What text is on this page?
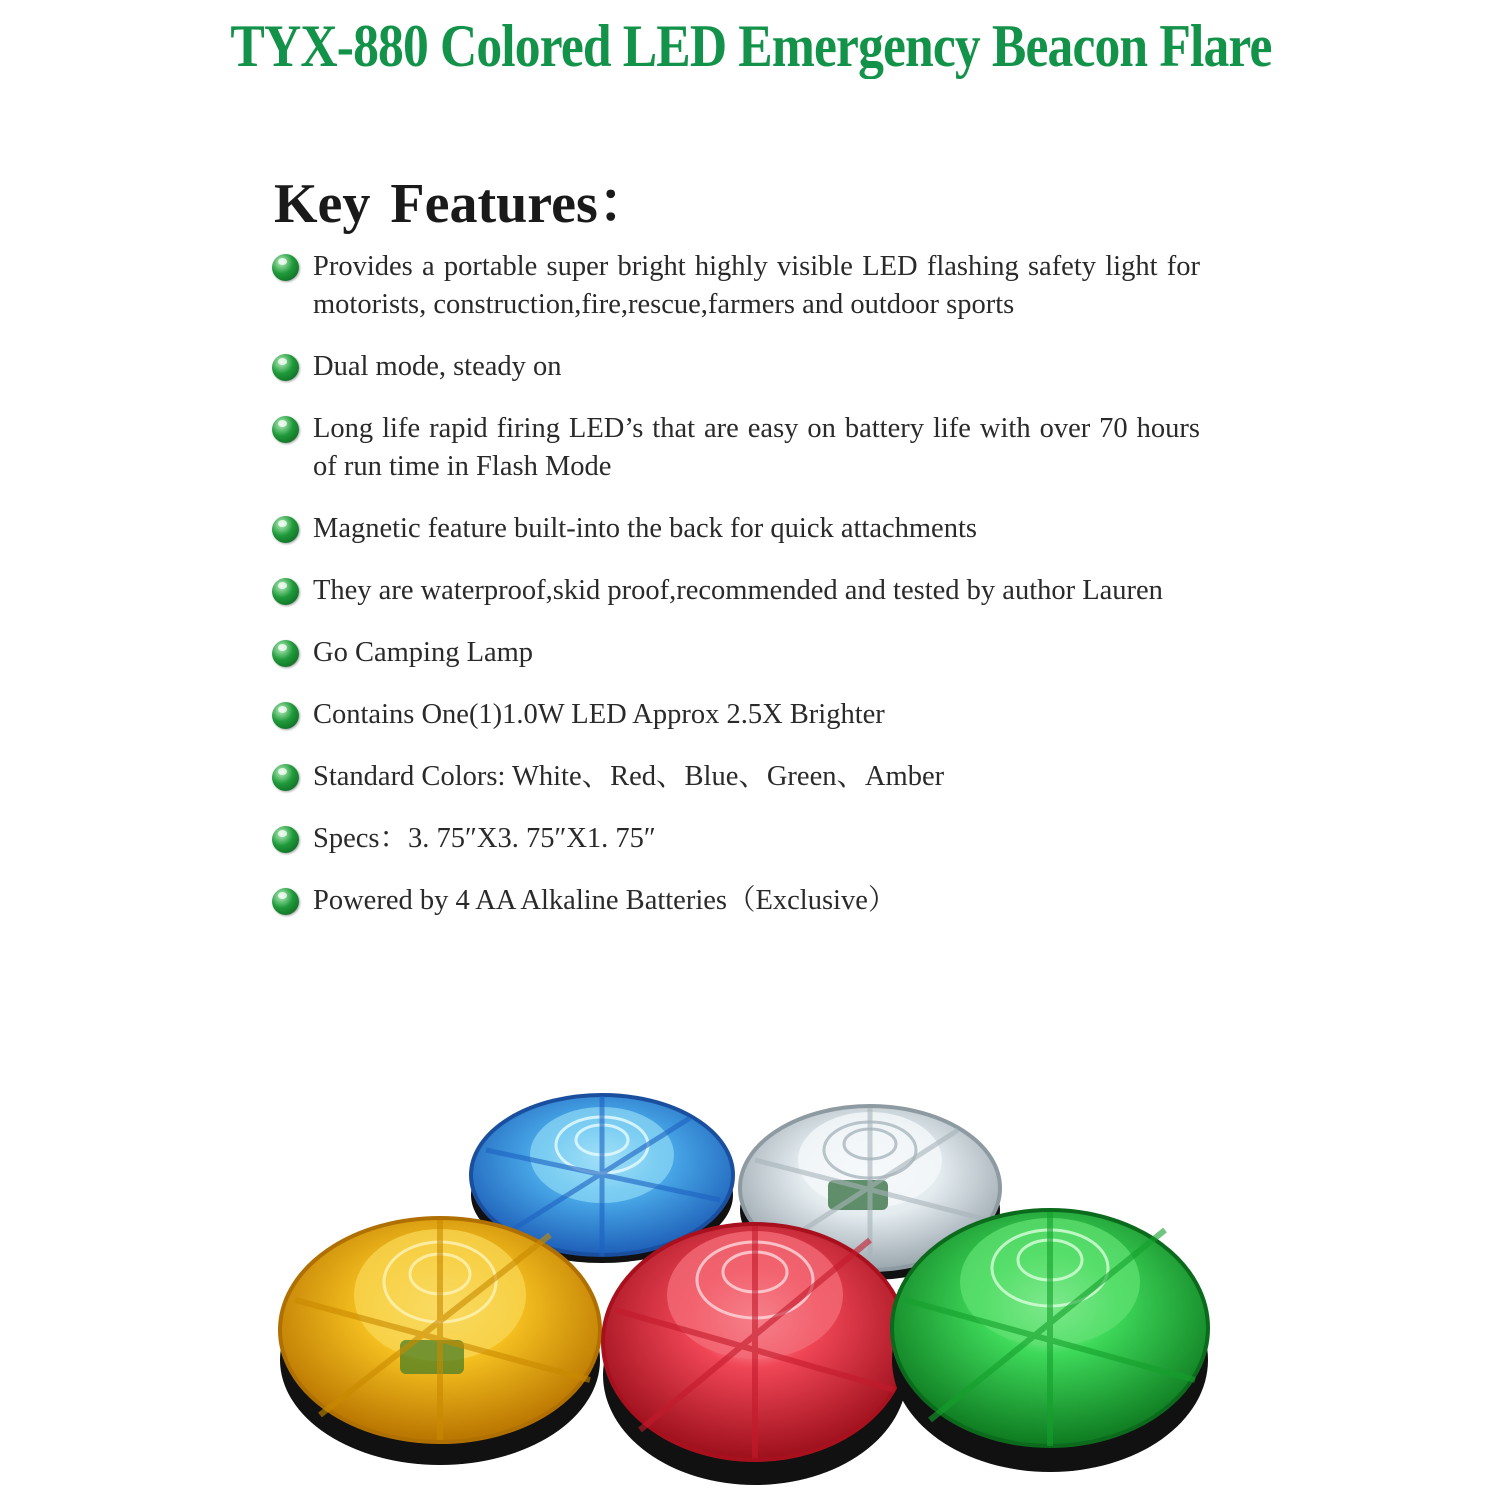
TYX-880 Colored LED Emergency Beacon Flare
Key Features：
Provides a portable super bright highly visible LED flashing safety light for motorists, construction,fire,rescue,farmers and outdoor sports
Dual mode, steady on
Long life rapid firing LED’s that are easy on battery life with over 70 hours of run time in Flash Mode
Magnetic feature built-into the back for quick attachments
They are waterproof,skid proof,recommended and tested by author Lauren
Go Camping Lamp
Contains One(1)1.0W LED Approx 2.5X Brighter
Standard Colors: White、Red、Blue、Green、Amber
Specs：3. 75″X3. 75″X1. 75″
Powered by 4 AA Alkaline Batteries（Exclusive）
